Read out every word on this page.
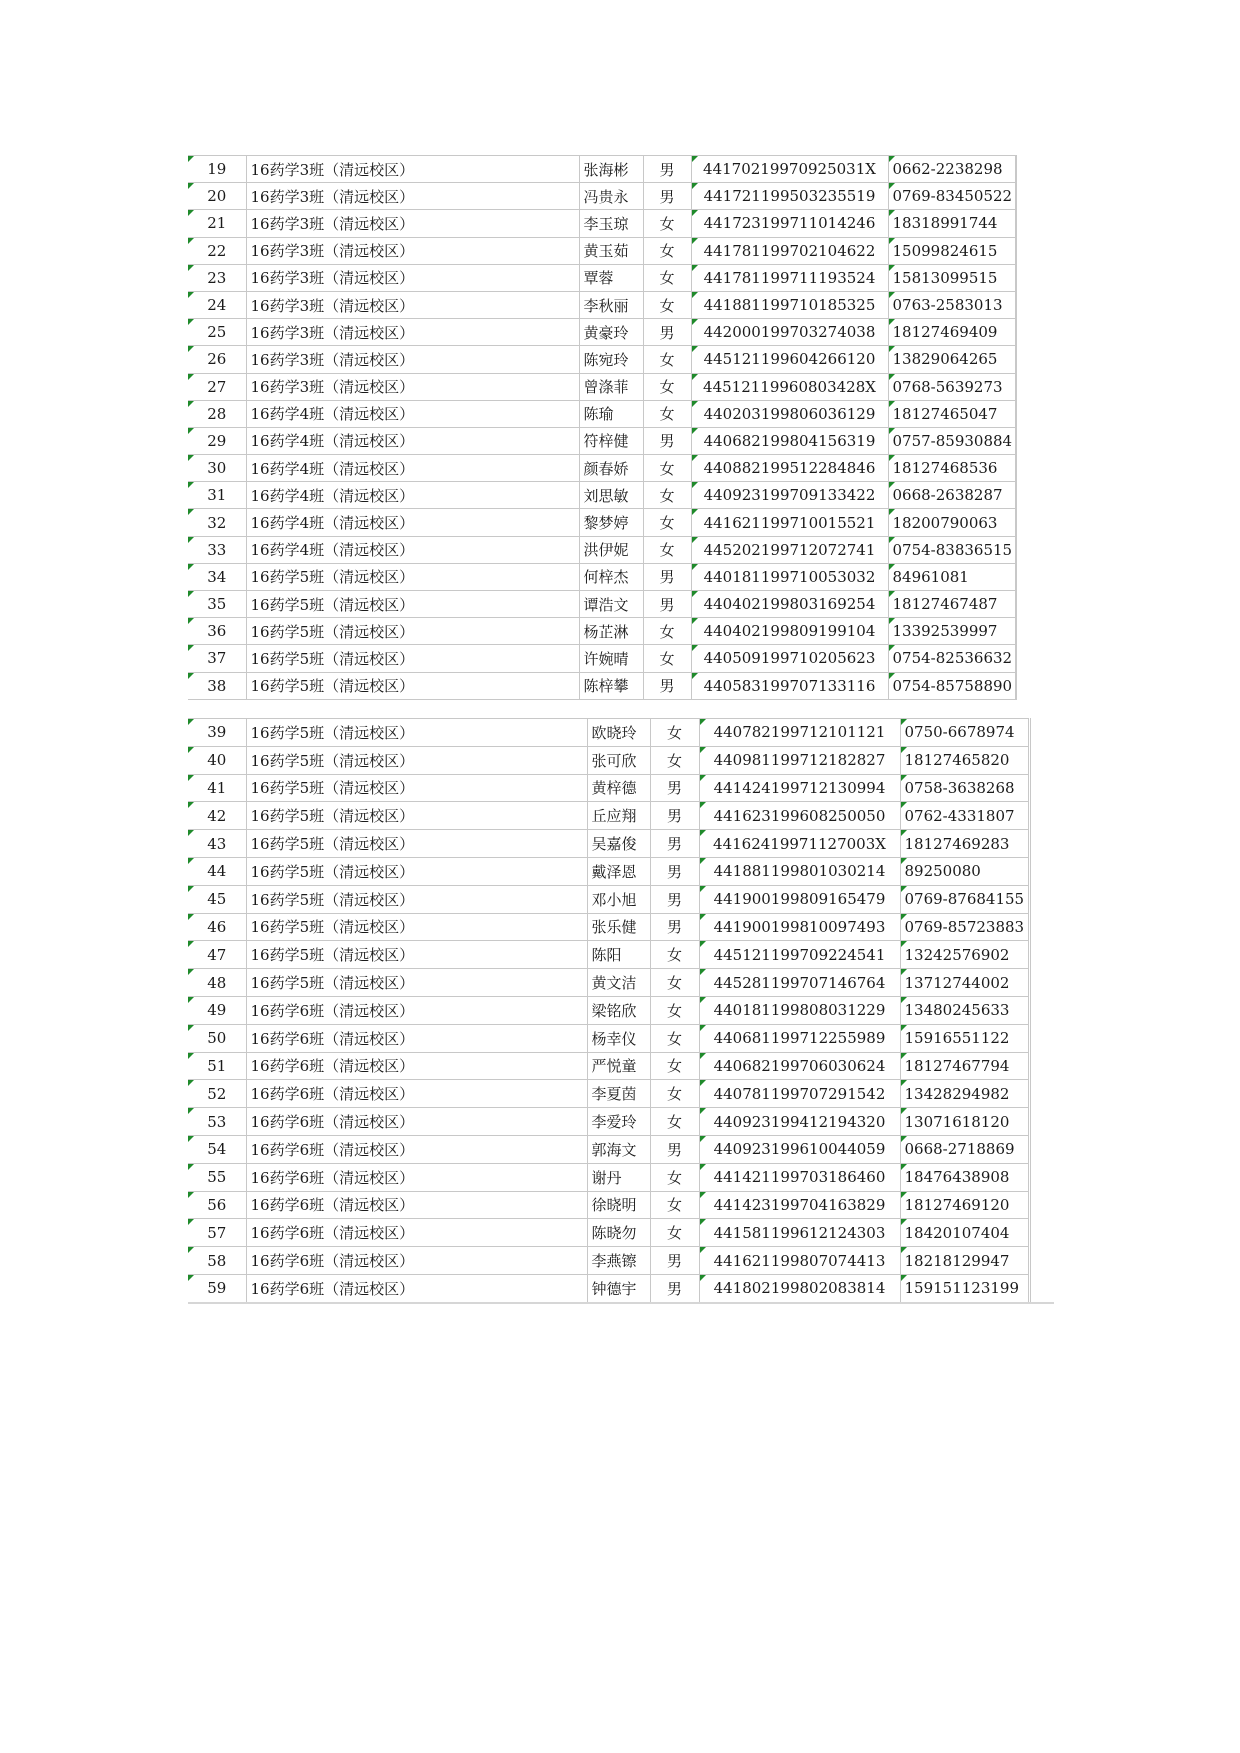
19	16药学3班（清远校区）	张海彬	男	44170219970925031X	0662-2238298
20	16药学3班（清远校区）	冯贵永	男	441721199503235519	0769-83450522
21	16药学3班（清远校区）	李玉琼	女	441723199711014246	18318991744
22	16药学3班（清远校区）	黄玉茹	女	441781199702104622	15099824615
23	16药学3班（清远校区）	覃蓉	女	441781199711193524	15813099515
24	16药学3班（清远校区）	李秋丽	女	441881199710185325	0763-2583013
25	16药学3班（清远校区）	黄豪玲	男	442000199703274038	18127469409
26	16药学3班（清远校区）	陈宛玲	女	445121199604266120	13829064265
27	16药学3班（清远校区）	曾涤菲	女	44512119960803428X	0768-5639273
28	16药学4班（清远校区）	陈瑜	女	440203199806036129	18127465047
29	16药学4班（清远校区）	符梓健	男	440682199804156319	0757-85930884
30	16药学4班（清远校区）	颜春娇	女	440882199512284846	18127468536
31	16药学4班（清远校区）	刘思敏	女	440923199709133422	0668-2638287
32	16药学4班（清远校区）	黎梦婷	女	441621199710015521	18200790063
33	16药学4班（清远校区）	洪伊妮	女	445202199712072741	0754-83836515
34	16药学5班（清远校区）	何梓杰	男	440181199710053032	84961081
35	16药学5班（清远校区）	谭浩文	男	440402199803169254	18127467487
36	16药学5班（清远校区）	杨芷淋	女	440402199809199104	13392539997
37	16药学5班（清远校区）	许婉晴	女	440509199710205623	0754-82536632
38	16药学5班（清远校区）	陈梓攀	男	440583199707133116	0754-85758890
39	16药学5班（清远校区）	欧晓玲	女	440782199712101121	0750-6678974
40	16药学5班（清远校区）	张可欣	女	440981199712182827	18127465820
41	16药学5班（清远校区）	黄梓德	男	441424199712130994	0758-3638268
42	16药学5班（清远校区）	丘应翔	男	441623199608250050	0762-4331807
43	16药学5班（清远校区）	吴嘉俊	男	44162419971127003X	18127469283
44	16药学5班（清远校区）	戴泽恩	男	441881199801030214	89250080
45	16药学5班（清远校区）	邓小旭	男	441900199809165479	0769-87684155
46	16药学5班（清远校区）	张乐健	男	441900199810097493	0769-85723883
47	16药学5班（清远校区）	陈阳	女	445121199709224541	13242576902
48	16药学5班（清远校区）	黄文洁	女	445281199707146764	13712744002
49	16药学6班（清远校区）	梁铭欣	女	440181199808031229	13480245633
50	16药学6班（清远校区）	杨幸仪	女	440681199712255989	15916551122
51	16药学6班（清远校区）	严悦童	女	440682199706030624	18127467794
52	16药学6班（清远校区）	李夏茵	女	440781199707291542	13428294982
53	16药学6班（清远校区）	李爱玲	女	440923199412194320	13071618120
54	16药学6班（清远校区）	郭海文	男	440923199610044059	0668-2718869
55	16药学6班（清远校区）	谢丹	女	441421199703186460	18476438908
56	16药学6班（清远校区）	徐晓明	女	441423199704163829	18127469120
57	16药学6班（清远校区）	陈晓勿	女	441581199612124303	18420107404
58	16药学6班（清远校区）	李燕镲	男	441621199807074413	18218129947
59	16药学6班（清远校区）	钟德宇	男	441802199802083814	159151123199
